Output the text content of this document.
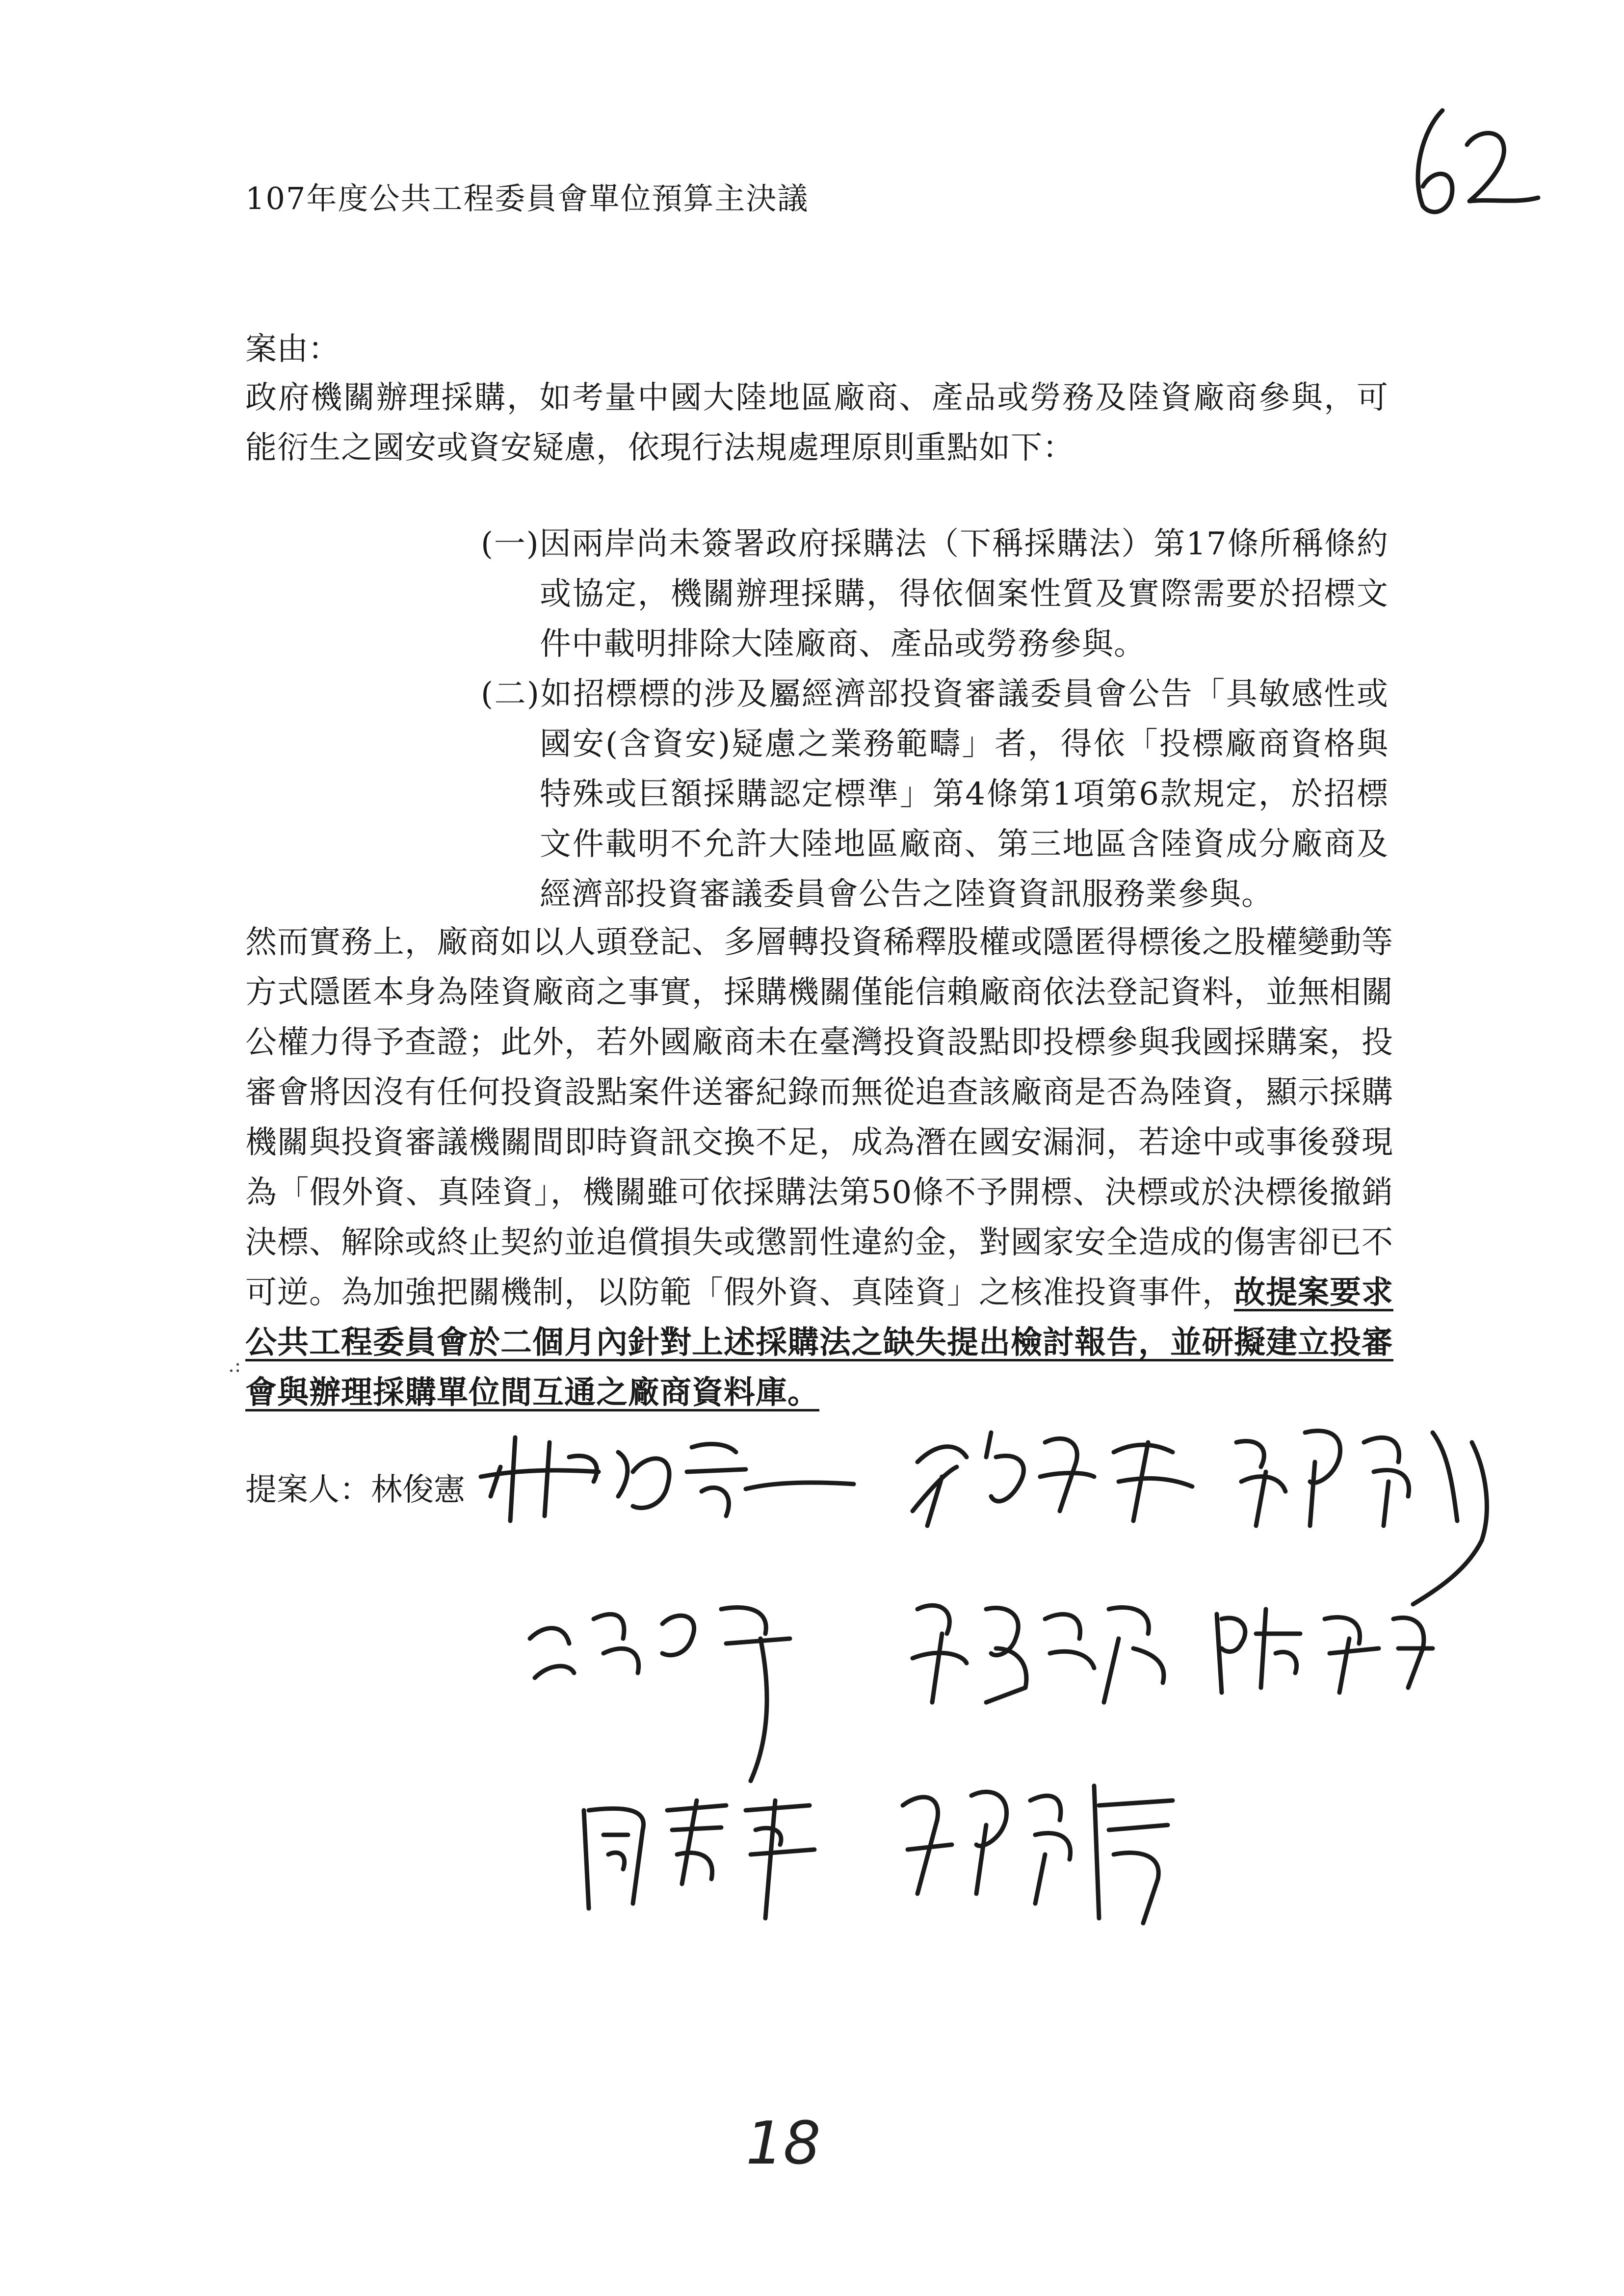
107年度公共工程委員會單位預算主決議
案由：

政府機關辦理採購，如考量中國大陸地區廠商、產品或勞務及陸資廠商參與，可能衍生之國安或資安疑慮，依現行法規處理原則重點如下：

(一)因兩岸尚未簽署政府採購法（下稱採購法）第17條所稱條約或協定，機關辦理採購，得依個案性質及實際需要於招標文件中載明排除大陸廠商、產品或勞務參與。

(二)如招標標的涉及屬經濟部投資審議委員會公告「具敏感性或國安(含資安)疑慮之業務範疇」者，得依「投標廠商資格與特殊或巨額採購認定標準」第4條第1項第6款規定，於招標文件載明不允許大陸地區廠商、第三地區含陸資成分廠商及經濟部投資審議委員會公告之陸資資訊服務業參與。

然而實務上，廠商如以人頭登記、多層轉投資稀釋股權或隱匿得標後之股權變動等方式隱匿本身為陸資廠商之事實，採購機關僅能信賴廠商依法登記資料，並無相關公權力得予查證；此外，若外國廠商未在臺灣投資設點即投標參與我國採購案，投審會將因沒有任何投資設點案件送審紀錄而無從追查該廠商是否為陸資，顯示採購機關與投資審議機關間即時資訊交換不足，成為潛在國安漏洞，若途中或事後發現為「假外資、真陸資」，機關雖可依採購法第50條不予開標、決標或於決標後撤銷決標、解除或終止契約並追償損失或懲罰性違約金，對國家安全造成的傷害卻已不可逆。為加強把關機制，以防範「假外資、真陸資」之核准投資事件，故提案要求公共工程委員會於二個月內針對上述採購法之缺失提出檢討報告，並研擬建立投審會與辦理採購單位間互通之廠商資料庫。

.:
提案人：林俊憲
18
